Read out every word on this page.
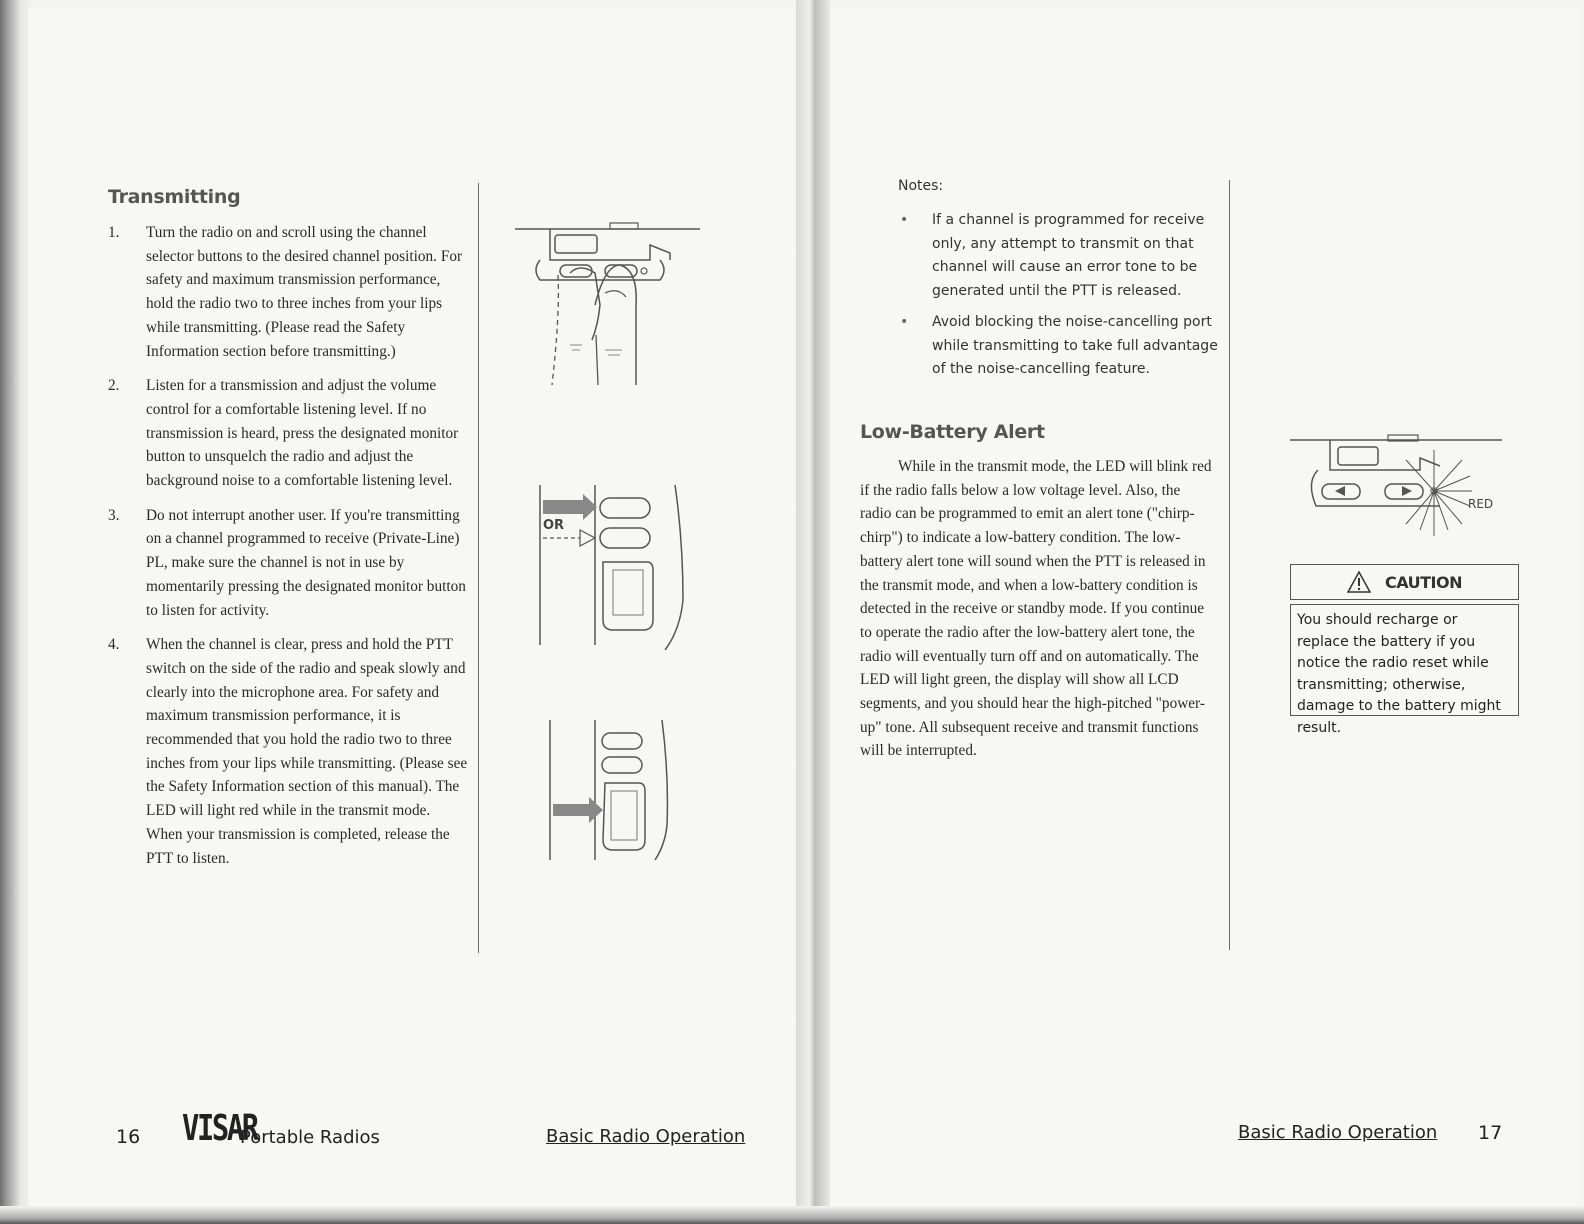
Transmitting
1. Turn the radio on and scroll using the channel selector buttons to the desired channel position. For safety and maximum transmission performance, hold the radio two to three inches from your lips while transmitting. (Please read the Safety Information section before transmitting.)
2. Listen for a transmission and adjust the volume control for a comfortable listening level. If no transmission is heard, press the designated monitor button to unsquelch the radio and adjust the background noise to a comfortable listening level.
3. Do not interrupt another user. If you're transmitting on a channel programmed to receive (Private-Line) PL, make sure the channel is not in use by momentarily pressing the designated monitor button to listen for activity.
4. When the channel is clear, press and hold the PTT switch on the side of the radio and speak slowly and clearly into the microphone area. For safety and maximum transmission performance, it is recommended that you hold the radio two to three inches from your lips while transmitting. (Please see the Safety Information section of this manual). The LED will light red while in the transmit mode. When your transmission is completed, release the PTT to listen.
OR
16 VISAR
Portable Radios	Basic Radio Operation
Notes:
• If a channel is programmed for receive only, any attempt to transmit on that channel will cause an error tone to be generated until the PTT is released.
• Avoid blocking the noise-cancelling port while transmitting to take full advantage of the noise-cancelling feature.
Low-Battery Alert
While in the transmit mode, the LED will blink red if the radio falls below a low voltage level. Also, the radio can be programmed to emit an alert tone ("chirp-chirp") to indicate a low-battery condition. The low-battery alert tone will sound when the PTT is released in the transmit mode, and when a low-battery condition is detected in the receive or standby mode. If you continue to operate the radio after the low-battery alert tone, the radio will eventually turn off and on automatically. The LED will light green, the display will show all LCD segments, and you should hear the high-pitched "power-up" tone. All subsequent receive and transmit functions will be interrupted.
RED
CAUTION
You should recharge or replace the battery if you notice the radio reset while transmitting; otherwise, damage to the battery might result.
Basic Radio Operation 17
